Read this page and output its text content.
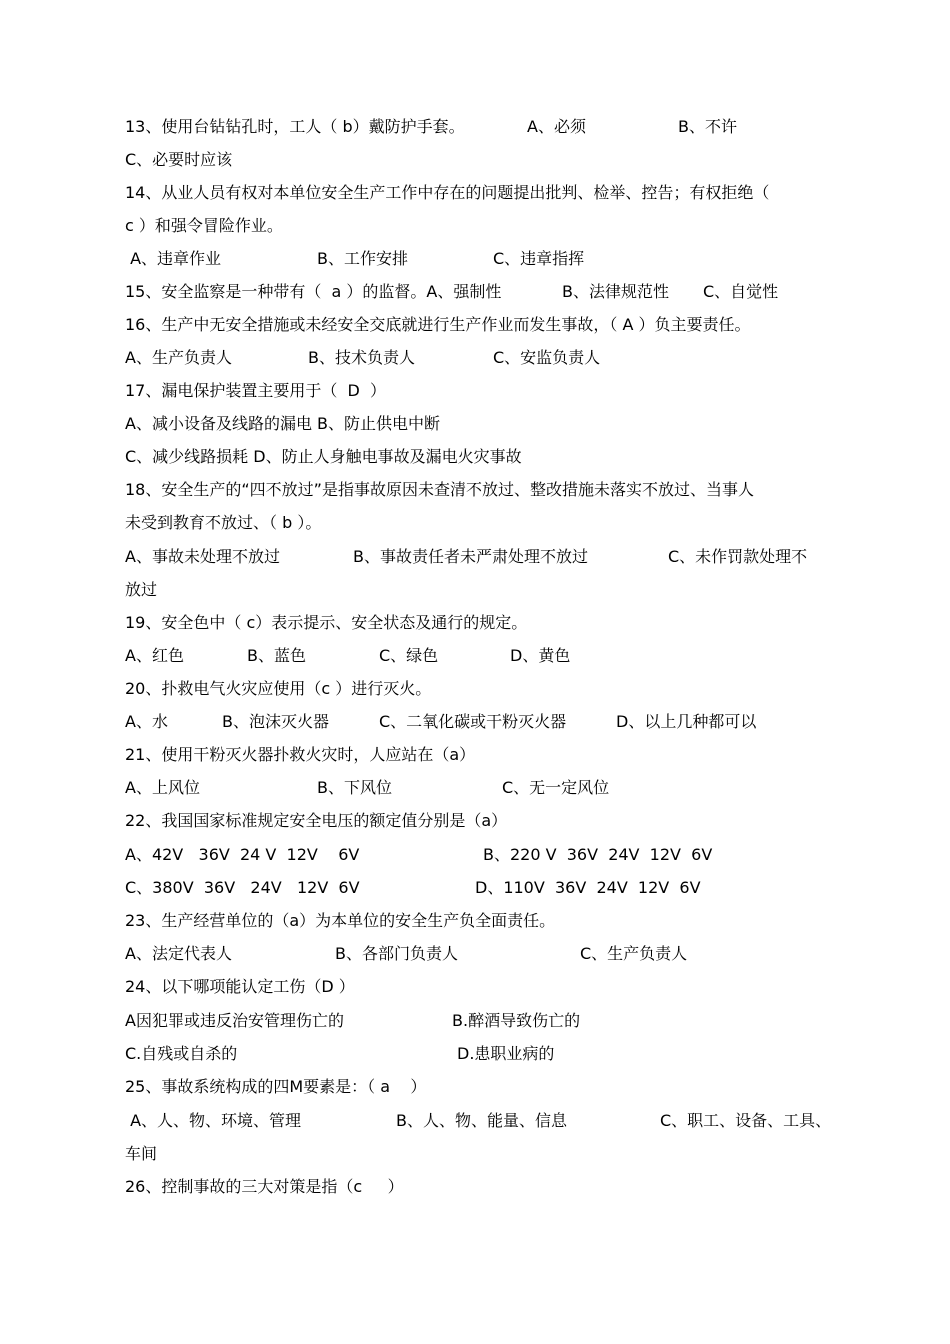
13、使用台钻钻孔时，工人（ b）戴防护手套。

	A、必须

	B、不许

C、必要时应该

14、从业人员有权对本单位安全生产工作中存在的问题提出批判、检举、控告；有权拒绝（

c ）和强令冒险作业。

A、违章作业

	B、工作安排

	C、违章指挥

15、安全监察是一种带有（  a ）的监督。A、强制性

	B、法律规范性

C、自觉性

16、生产中无安全措施或未经安全交底就进行生产作业而发生事故，（ A ）负主要责任。

A、生产负责人

	B、技术负责人

	C、安监负责人

17、漏电保护装置主要用于（  D  ）

A、减小设备及线路的漏电 B、防止供电中断

C、减少线路损耗 D、防止人身触电事故及漏电火灾事故

18、安全生产的“四不放过”是指事故原因未查清不放过、整改措施未落实不放过、当事人

未受到教育不放过、（ b ）。

A、事故未处理不放过

	B、事故责任者未严肃处理不放过

	C、未作罚款处理不

放过

19、安全色中（ c）表示提示、安全状态及通行的规定。

A、红色

	B、蓝色

	C、绿色

	D、黄色

20、扑救电气火灾应使用（c ）进行灭火。

A、水

	B、泡沫灭火器

	C、二氧化碳或干粉灭火器

	D、以上几种都可以

21、使用干粉灭火器扑救火灾时，人应站在（a）

A、上风位

	B、下风位

	C、无一定风位

22、我国国家标准规定安全电压的额定值分别是（a）

A、42V   36V  24 V  12V    6V

	B、220 V  36V  24V  12V  6V

C、380V  36V   24V   12V  6V

	D、110V  36V  24V  12V  6V

23、生产经营单位的（a）为本单位的安全生产负全面责任。

A、法定代表人

	B、各部门负责人

	C、生产负责人

24、以下哪项能认定工伤（D ）

A因犯罪或违反治安管理伤亡的

	B.醉酒导致伤亡的

C.自残或自杀的

	D.患职业病的

25、事故系统构成的四M要素是：（ a    ）

A、人、物、环境、管理

	B、人、物、能量、信息

	C、职工、设备、工具、

车间

26、控制事故的三大对策是指（c     ）
